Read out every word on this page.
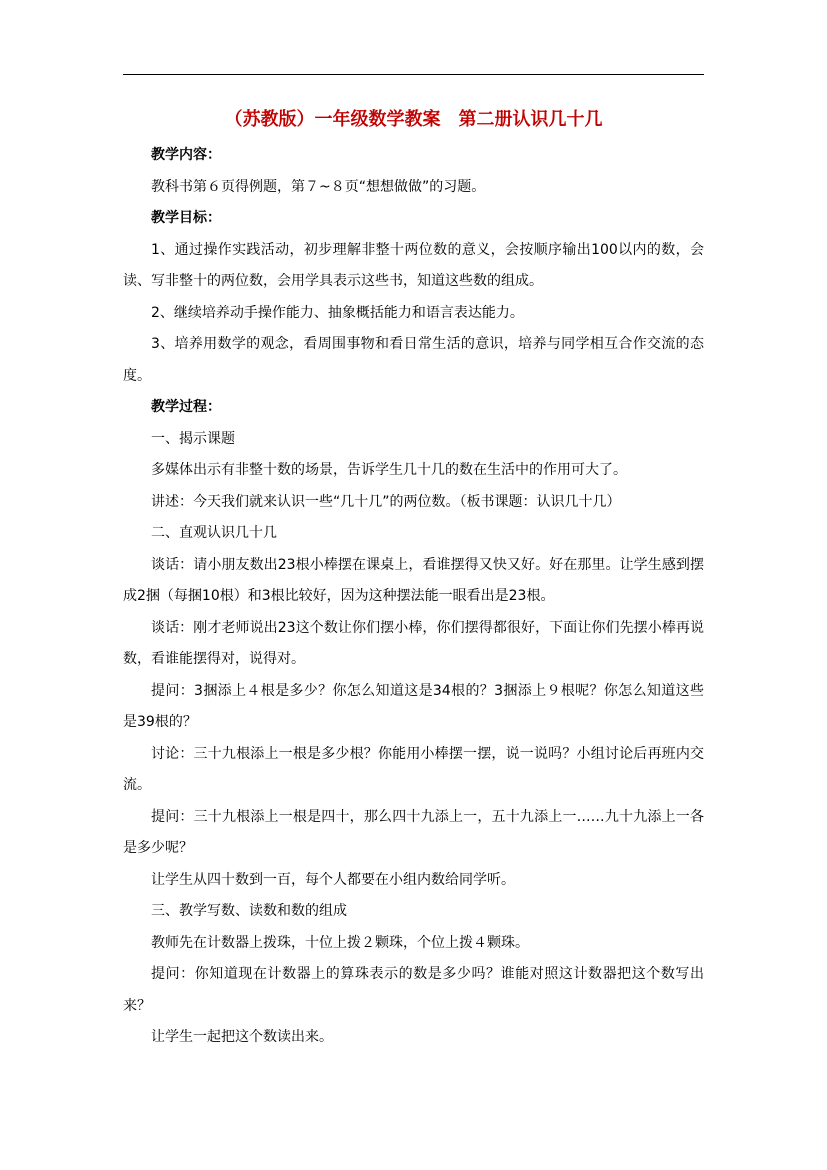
（苏教版）一年级数学教案　第二册认识几十几

教学内容：

教科书第６页得例题，第７~８页“想想做做”的习题。

教学目标：

1、通过操作实践活动，初步理解非整十两位数的意义，会按顺序输出100以内的数，会读、写非整十的两位数，会用学具表示这些书，知道这些数的组成。

2、继续培养动手操作能力、抽象概括能力和语言表达能力。

3、培养用数学的观念，看周围事物和看日常生活的意识，培养与同学相互合作交流的态度。

教学过程：

一、揭示课题

多媒体出示有非整十数的场景，告诉学生几十几的数在生活中的作用可大了。

讲述：今天我们就来认识一些“几十几”的两位数。（板书课题：认识几十几）

二、直观认识几十几

谈话：请小朋友数出23根小棒摆在课桌上，看谁摆得又快又好。好在那里。让学生感到摆成2捆（每捆10根）和3根比较好，因为这种摆法能一眼看出是23根。

谈话：刚才老师说出23这个数让你们摆小棒，你们摆得都很好，下面让你们先摆小棒再说数，看谁能摆得对，说得对。

提问：3捆添上４根是多少？你怎么知道这是34根的？3捆添上９根呢？你怎么知道这些是39根的？

讨论：三十九根添上一根是多少根？你能用小棒摆一摆，说一说吗？小组讨论后再班内交流。

提问：三十九根添上一根是四十，那么四十九添上一，五十九添上一……九十九添上一各是多少呢？

让学生从四十数到一百，每个人都要在小组内数给同学听。

三、教学写数、读数和数的组成

教师先在计数器上拨珠，十位上拨２颗珠，个位上拨４颗珠。

提问：你知道现在计数器上的算珠表示的数是多少吗？谁能对照这计数器把这个数写出来？

让学生一起把这个数读出来。
